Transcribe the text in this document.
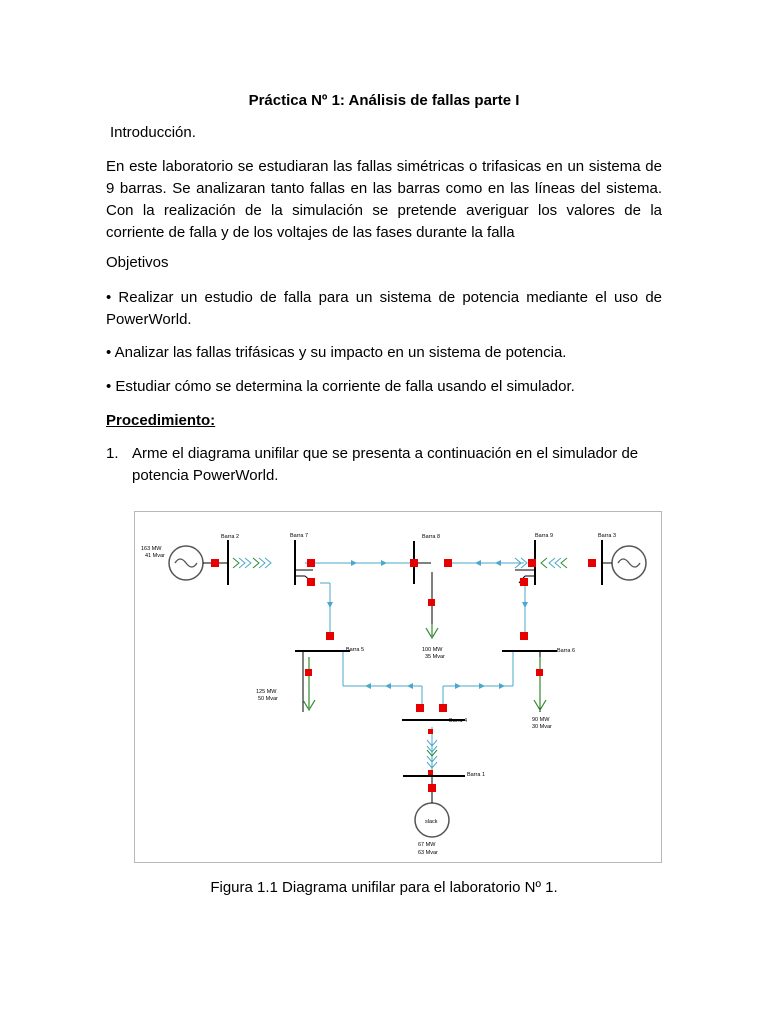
Práctica Nº 1: Análisis de fallas parte I
Introducción.
En este laboratorio se estudiaran las fallas simétricas o trifasicas en un sistema de 9 barras. Se analizaran tanto fallas en las barras como en las líneas del sistema. Con la realización de la simulación se pretende averiguar los valores de la corriente de falla y de los voltajes de las fases durante la falla
Objetivos
• Realizar un estudio de falla para un sistema de potencia mediante el uso de PowerWorld.
• Analizar las fallas trifásicas y su impacto en un sistema de potencia.
• Estudiar cómo se determina la corriente de falla usando el simulador.
Procedimiento:
1. Arme el diagrama unifilar que se presenta a continuación en el simulador de potencia PowerWorld.
Barra 2	Barra 7	Barra 8	Barra 9	Barra 3
Barra 5	Barra 6
Barra 4
Barra 1
163 MW
41 Mvar
100 MW
35 Mvar
125 MW
50 Mvar
90 MW
30 Mvar
slack
67 MW
63 Mvar
Figura 1.1 Diagrama unifilar para el laboratorio Nº 1.
